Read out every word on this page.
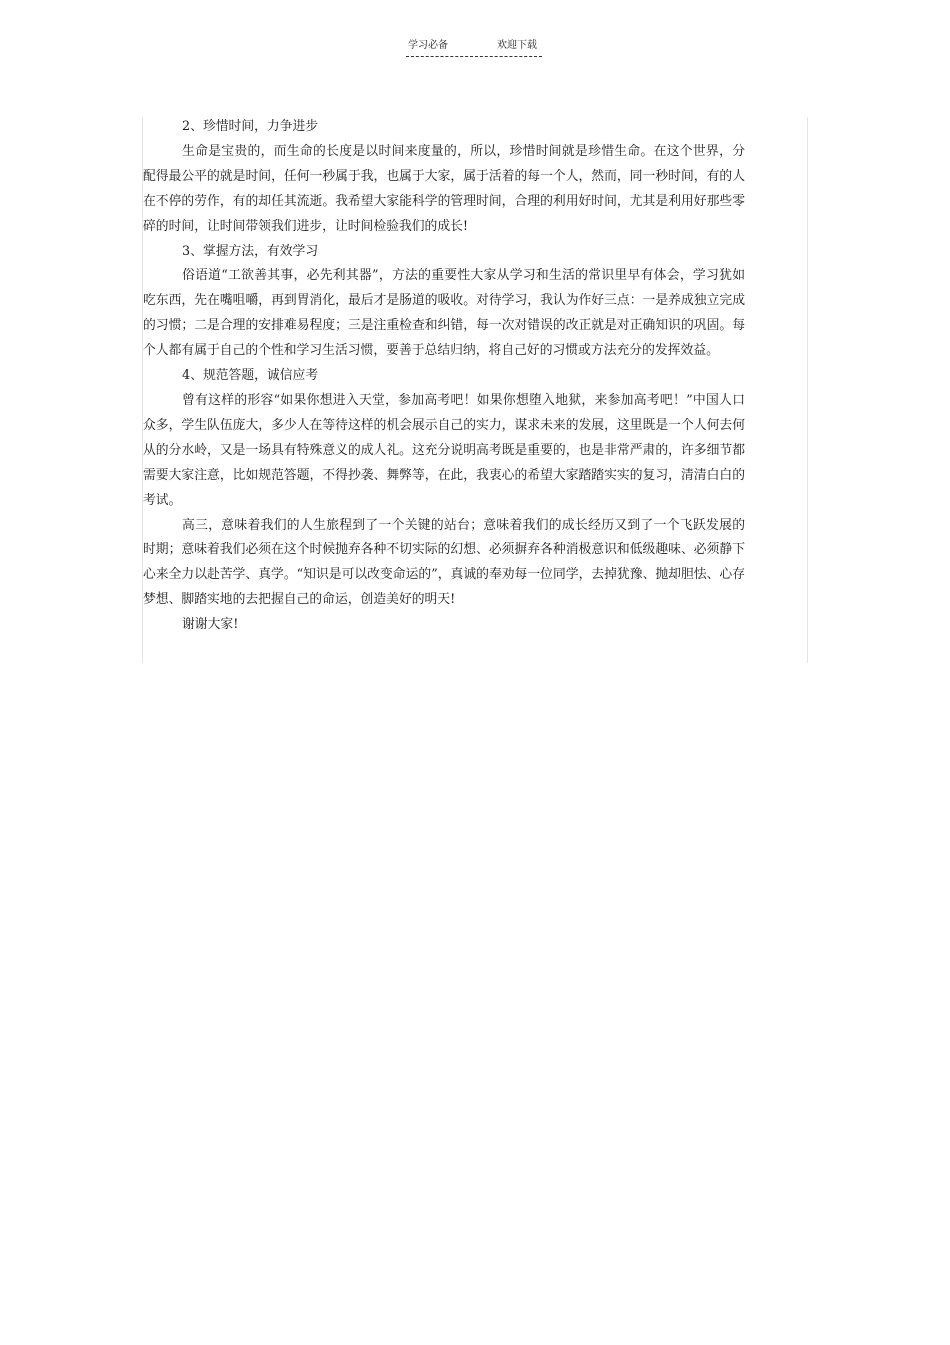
学习必备	欢迎下载

2、珍惜时间，力争进步

生命是宝贵的，而生命的长度是以时间来度量的，所以，珍惜时间就是珍惜生命。在这个世界，分配得最公平的就是时间，任何一秒属于我，也属于大家，属于活着的每一个人，然而，同一秒时间，有的人在不停的劳作，有的却任其流逝。我希望大家能科学的管理时间，合理的利用好时间，尤其是利用好那些零碎的时间，让时间带领我们进步，让时间检验我们的成长!

3、掌握方法，有效学习

俗语道“工欲善其事，必先利其器”，方法的重要性大家从学习和生活的常识里早有体会，学习犹如吃东西，先在嘴咀嚼，再到胃消化，最后才是肠道的吸收。对待学习，我认为作好三点：一是养成独立完成的习惯；二是合理的安排难易程度；三是注重检查和纠错，每一次对错误的改正就是对正确知识的巩固。每个人都有属于自己的个性和学习生活习惯，要善于总结归纳，将自己好的习惯或方法充分的发挥效益。

4、规范答题，诚信应考

曾有这样的形容“如果你想进入天堂，参加高考吧！如果你想堕入地狱，来参加高考吧！”中国人口众多，学生队伍庞大，多少人在等待这样的机会展示自己的实力，谋求未来的发展，这里既是一个人何去何从的分水岭，又是一场具有特殊意义的成人礼。这充分说明高考既是重要的，也是非常严肃的，许多细节都需要大家注意，比如规范答题，不得抄袭、舞弊等，在此，我衷心的希望大家踏踏实实的复习，清清白白的考试。

高三，意味着我们的人生旅程到了一个关键的站台；意味着我们的成长经历又到了一个飞跃发展的时期；意味着我们必须在这个时候抛弃各种不切实际的幻想、必须摒弃各种消极意识和低级趣味、必须静下心来全力以赴苦学、真学。“知识是可以改变命运的”，真诚的奉劝每一位同学，去掉犹豫、抛却胆怯、心存梦想、脚踏实地的去把握自己的命运，创造美好的明天!

谢谢大家!
